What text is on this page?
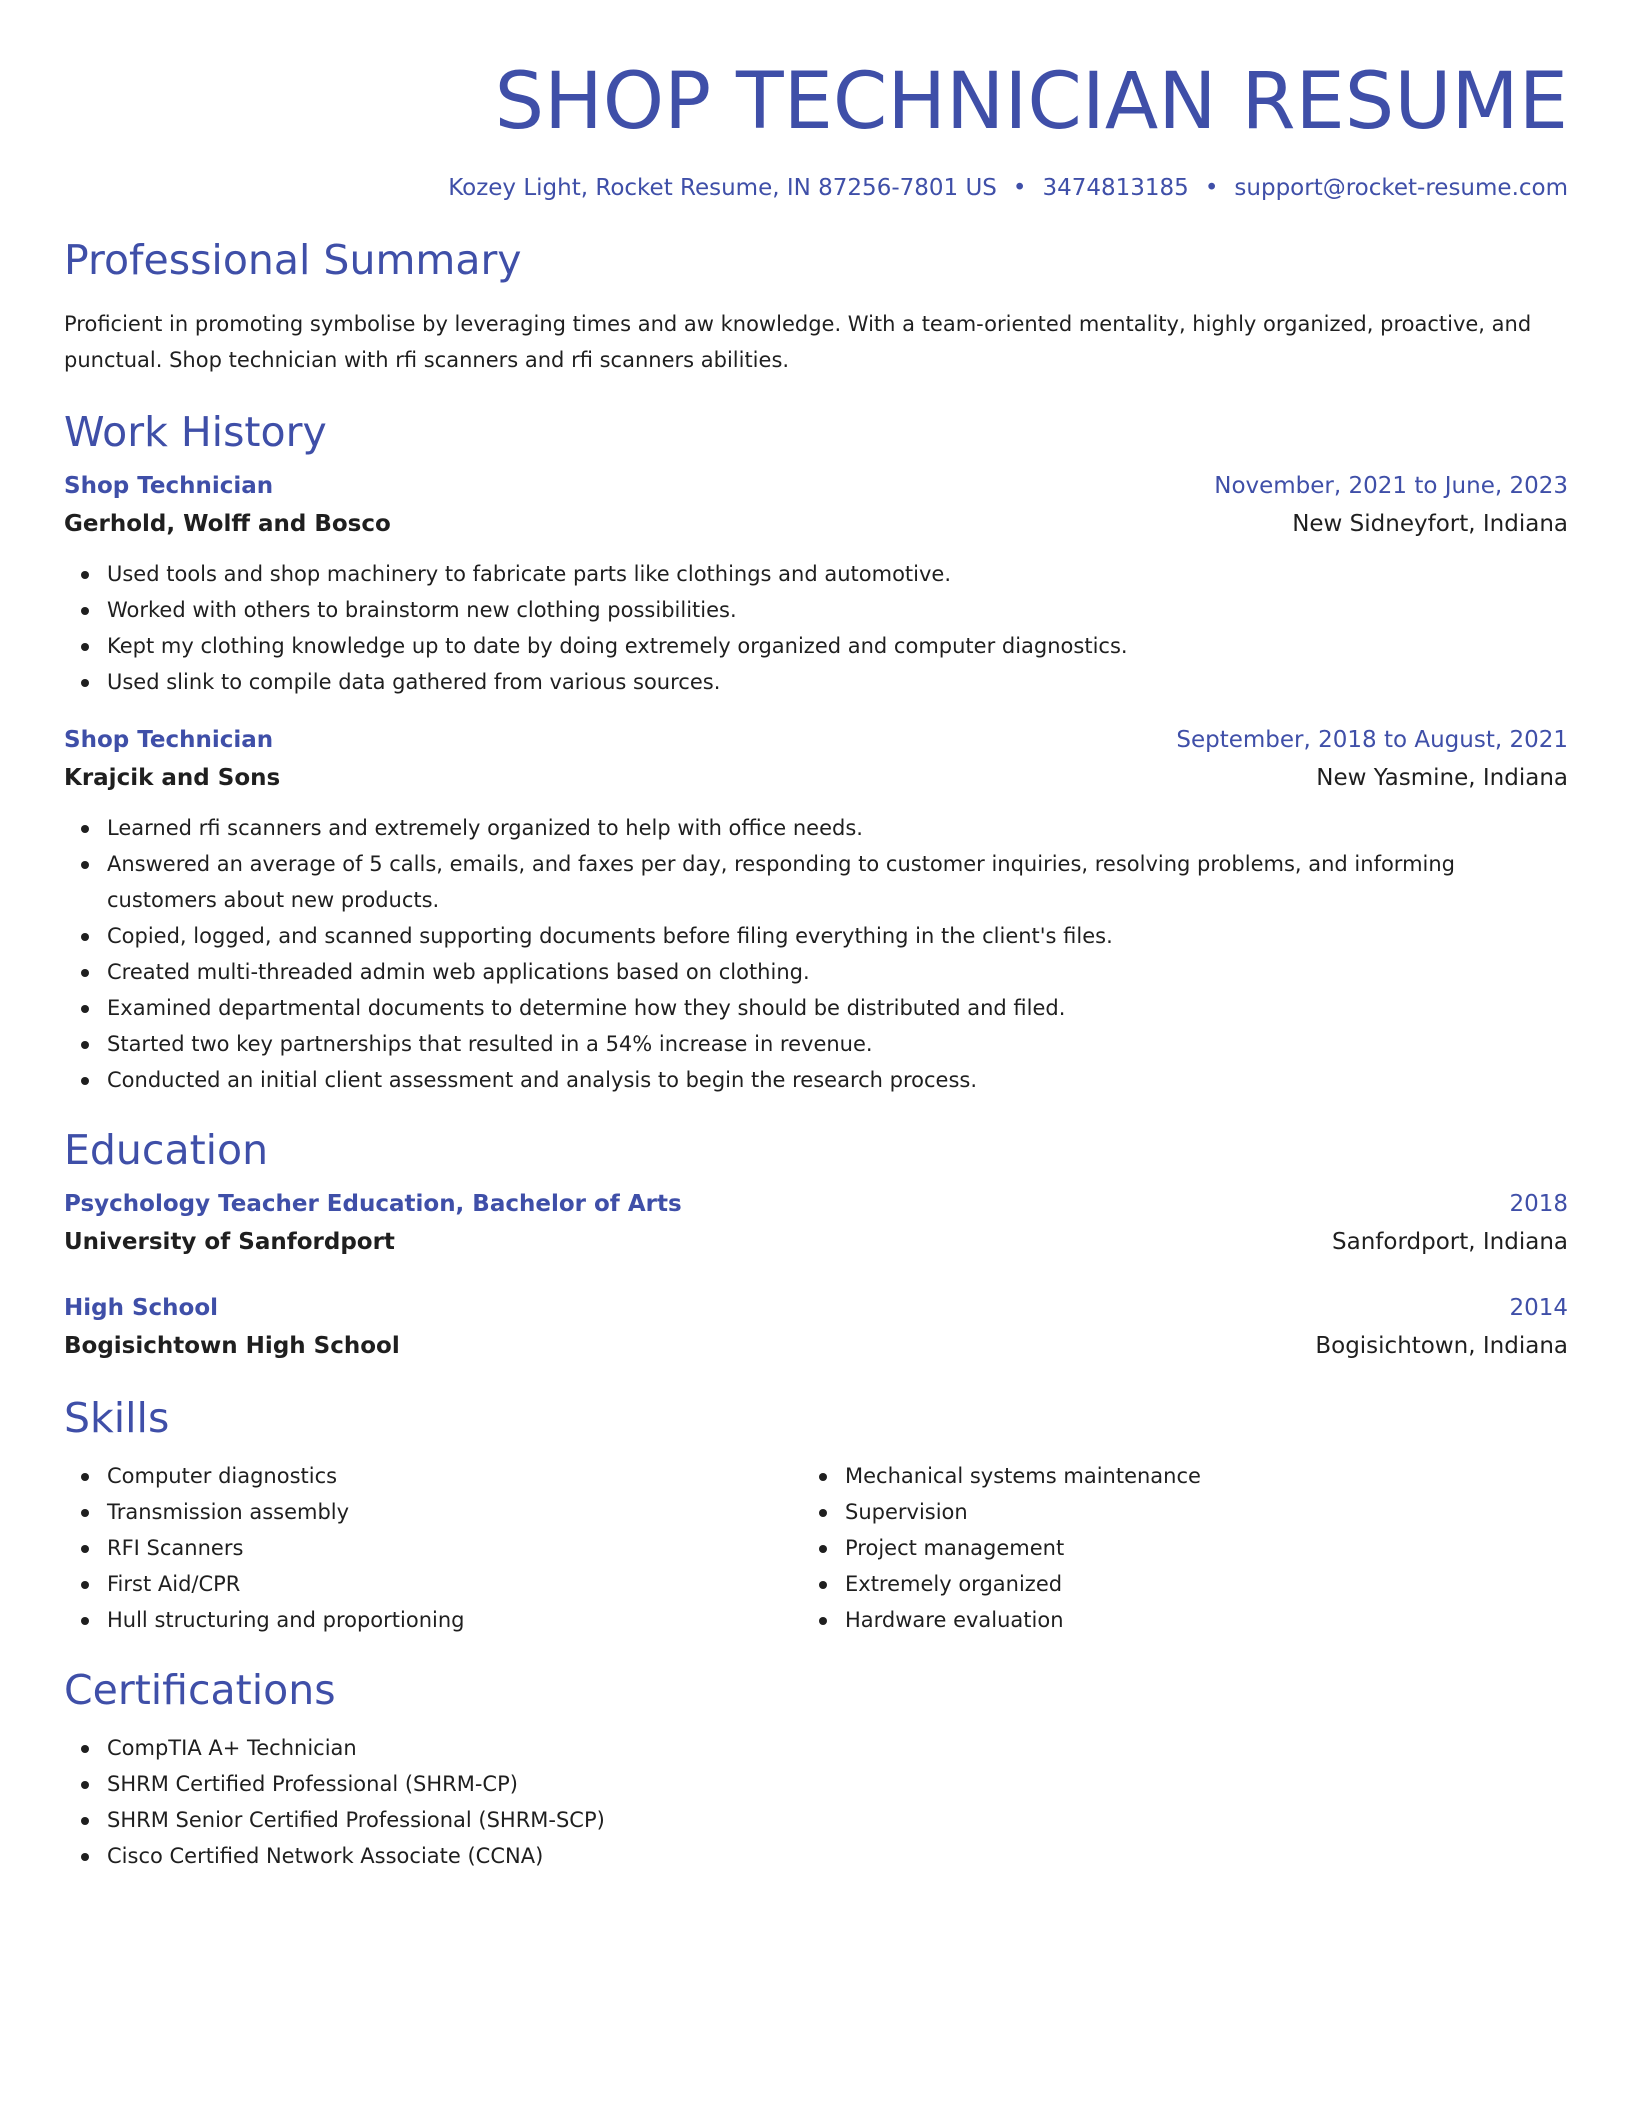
SHOP TECHNICIAN RESUME
Kozey Light, Rocket Resume, IN 87256-7801 US • 3474813185 • support@rocket-resume.com
Professional Summary

Proficient in promoting symbolise by leveraging times and aw knowledge. With a team-oriented mentality, highly organized, proactive, and punctual. Shop technician with rfi scanners and rfi scanners abilities.

Work History
Shop Technician	November, 2021 to June, 2023
Gerhold, Wolff and Bosco	New Sidneyfort, Indiana
Used tools and shop machinery to fabricate parts like clothings and automotive.
Worked with others to brainstorm new clothing possibilities.
Kept my clothing knowledge up to date by doing extremely organized and computer diagnostics.
Used slink to compile data gathered from various sources.
Shop Technician	September, 2018 to August, 2021
Krajcik and Sons	New Yasmine, Indiana
Learned rfi scanners and extremely organized to help with office needs.
Answered an average of 5 calls, emails, and faxes per day, responding to customer inquiries, resolving problems, and informing customers about new products.
Copied, logged, and scanned supporting documents before filing everything in the client's files.
Created multi-threaded admin web applications based on clothing.
Examined departmental documents to determine how they should be distributed and filed.
Started two key partnerships that resulted in a 54% increase in revenue.
Conducted an initial client assessment and analysis to begin the research process.
Education
Psychology Teacher Education, Bachelor of Arts	2018
University of Sanfordport	Sanfordport, Indiana
High School	2014
Bogisichtown High School	Bogisichtown, Indiana
Skills
Computer diagnostics
Transmission assembly
RFI Scanners
First Aid/CPR
Hull structuring and proportioning
Mechanical systems maintenance
Supervision
Project management
Extremely organized
Hardware evaluation
Certifications
CompTIA A+ Technician
SHRM Certified Professional (SHRM-CP)
SHRM Senior Certified Professional (SHRM-SCP)
Cisco Certified Network Associate (CCNA)
